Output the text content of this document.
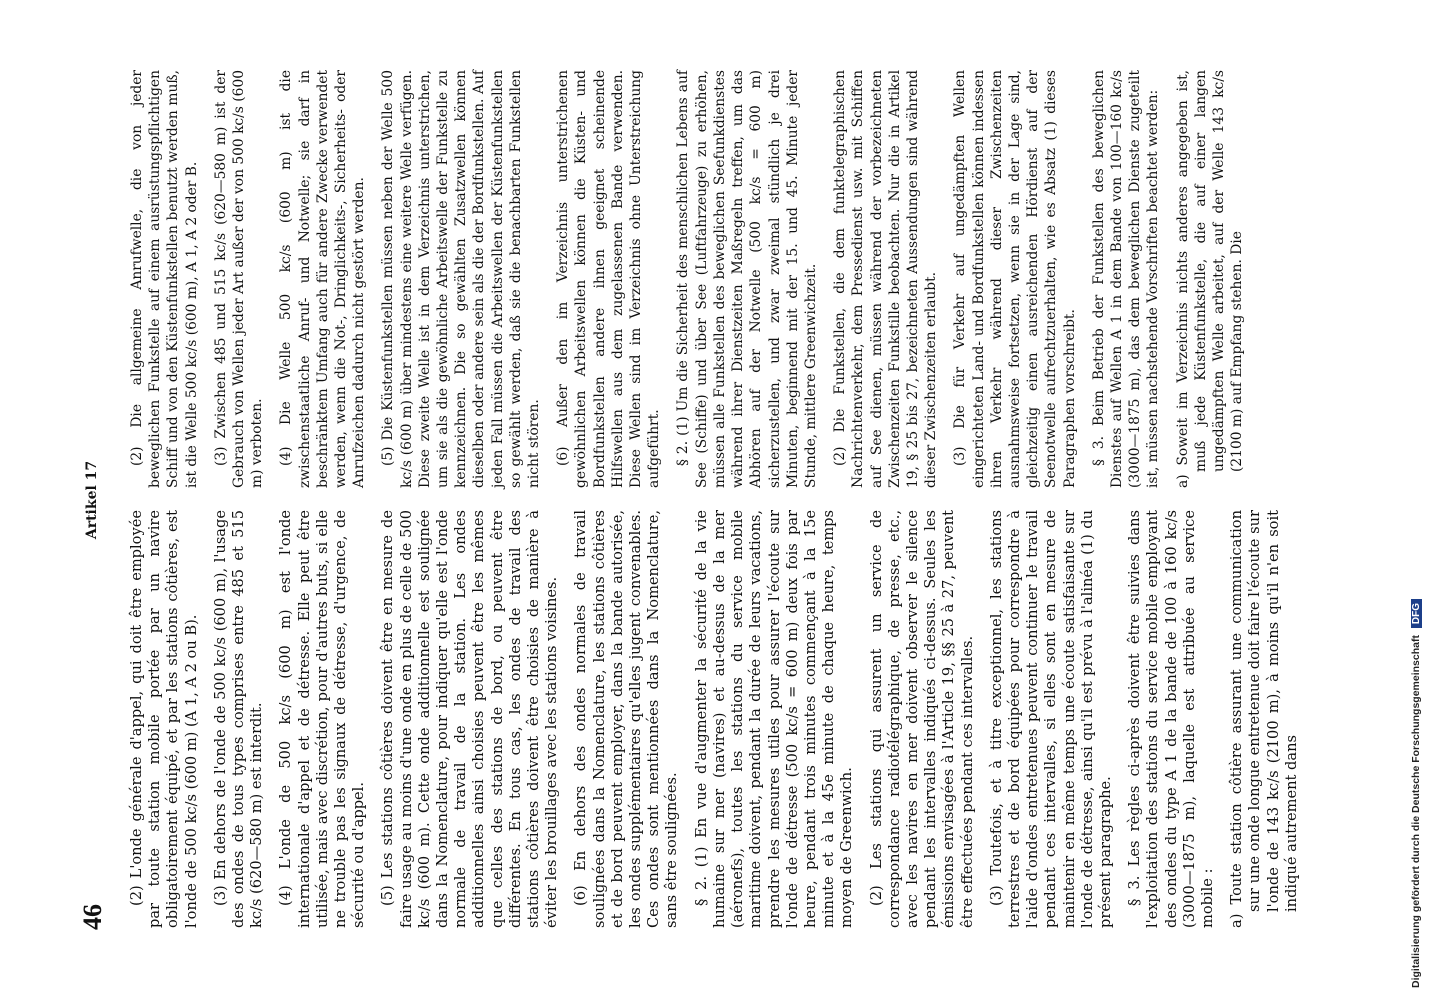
46
Artikel 17

(2) L'onde générale d'appel, qui doit être employée par toute station mobile portée par un navire obligatoirement équipé, et par les stations côtières, est l'onde de 500 kc/s (600 m) (A 1, A 2 ou B). (3) En dehors de l'onde de 500 kc/s (600 m), l'usage des ondes de tous types comprises entre 485 et 515 kc/s (620—580 m) est interdit. (4) L'onde de 500 kc/s (600 m) est l'onde internationale d'appel et de détresse. Elle peut être utilisée, mais avec discrétion, pour d'autres buts, si elle ne trouble pas les signaux de détresse, d'urgence, de sécurité ou d'appel. (5) Les stations côtières doivent être en mesure de faire usage au moins d'une onde en plus de celle de 500 kc/s (600 m). Cette onde additionnelle est soulignée dans la Nomenclature, pour indiquer qu'elle est l'onde normale de travail de la station. Les ondes additionnelles ainsi choisies peuvent être les mêmes que celles des stations de bord, ou peuvent être différentes. En tous cas, les ondes de travail des stations côtières doivent être choisies de manière à éviter les brouillages avec les stations voisines. (6) En dehors des ondes normales de travail soulignées dans la Nomenclature, les stations côtières et de bord peuvent employer, dans la bande autorisée, les ondes supplémentaires qu'elles jugent convenables. Ces ondes sont mentionnées dans la Nomenclature, sans être soulignées. § 2. (1) En vue d'augmenter la sécurité de la vie humaine sur mer (navires) et au-dessus de la mer (aéronefs), toutes les stations du service mobile maritime doivent, pendant la durée de leurs vacations, prendre les mesures utiles pour assurer l'écoute sur l'onde de détresse (500 kc/s = 600 m) deux fois par heure, pendant trois minutes commençant à la 15e minute et à la 45e minute de chaque heure, temps moyen de Greenwich. (2) Les stations qui assurent un service de correspondance radiotélégraphique, de presse, etc., avec les navires en mer doivent observer le silence pendant les intervalles indiqués ci-dessus. Seules les émissions envisagées à l'Article 19, §§ 25 à 27, peuvent être effectuées pendant ces intervalles. (3) Toutefois, et à titre exceptionnel, les stations terrestres et de bord équipées pour correspondre à l'aide d'ondes entretenues peuvent continuer le travail pendant ces intervalles, si elles sont en mesure de maintenir en même temps une écoute satisfaisante sur l'onde de détresse, ainsi qu'il est prévu à l'alinéa (1) du présent paragraphe. § 3. Les règles ci-après doivent être suivies dans l'exploitation des stations du service mobile employant des ondes du type A 1 de la bande de 100 à 160 kc/s (3000—1875 m), laquelle est attribuée au service mobile : a) Toute station côtière assurant une communication sur une onde longue entretenue doit faire l'écoute sur l'onde de 143 kc/s (2100 m), à moins qu'il n'en soit indiqué autrement dans

(2) Die allgemeine Anrufwelle, die von jeder beweglichen Funkstelle auf einem ausrüstungspflichtigen Schiff und von den Küstenfunkstellen benutzt werden muß, ist die Welle 500 kc/s (600 m), A 1, A 2 oder B. (3) Zwischen 485 und 515 kc/s (620—580 m) ist der Gebrauch von Wellen jeder Art außer der von 500 kc/s (600 m) verboten. (4) Die Welle 500 kc/s (600 m) ist die zwischenstaatliche Anruf- und Notwelle; sie darf in beschränktem Umfang auch für andere Zwecke verwendet werden, wenn die Not-, Dringlichkeits-, Sicherheits- oder Anrufzeichen dadurch nicht gestört werden. (5) Die Küstenfunkstellen müssen neben der Welle 500 kc/s (600 m) über mindestens eine weitere Welle verfügen. Diese zweite Welle ist in dem Verzeichnis unterstrichen, um sie als die gewöhnliche Arbeitswelle der Funkstelle zu kennzeichnen. Die so gewählten Zusatzwellen können dieselben oder andere sein als die der Bordfunkstellen. Auf jeden Fall müssen die Arbeitswellen der Küstenfunkstellen so gewählt werden, daß sie die benachbarten Funkstellen nicht stören. (6) Außer den im Verzeichnis unterstrichenen gewöhnlichen Arbeitswellen können die Küsten- und Bordfunkstellen andere ihnen geeignet scheinende Hilfswellen aus dem zugelassenen Bande verwenden. Diese Wellen sind im Verzeichnis ohne Unterstreichung aufgeführt. § 2. (1) Um die Sicherheit des menschlichen Lebens auf See (Schiffe) und über See (Luftfahrzeuge) zu erhöhen, müssen alle Funkstellen des beweglichen Seefunkdienstes während ihrer Dienstzeiten Maßregeln treffen, um das Abhören auf der Notwelle (500 kc/s = 600 m) sicherzustellen, und zwar zweimal stündlich je drei Minuten, beginnend mit der 15. und 45. Minute jeder Stunde, mittlere Greenwichzeit. (2) Die Funkstellen, die dem funktelegraphischen Nachrichtenverkehr, dem Pressedienst usw. mit Schiffen auf See dienen, müssen während der vorbezeichneten Zwischenzeiten Funkstille beobachten. Nur die in Artikel 19, § 25 bis 27, bezeichneten Aussendungen sind während dieser Zwischenzeiten erlaubt. (3) Die für Verkehr auf ungedämpften Wellen eingerichteten Land- und Bordfunkstellen können indessen ihren Verkehr während dieser Zwischenzeiten ausnahmsweise fortsetzen, wenn sie in der Lage sind, gleichzeitig einen ausreichenden Hördienst auf der Seenotwelle aufrechtzuerhalten, wie es Absatz (1) dieses Paragraphen vorschreibt. § 3. Beim Betrieb der Funkstellen des beweglichen Dienstes auf Wellen A 1 in dem Bande von 100—160 kc/s (3000—1875 m), das dem beweglichen Dienste zugeteilt ist, müssen nachstehende Vorschriften beachtet werden: a) Soweit im Verzeichnis nichts anderes angegeben ist, muß jede Küstenfunkstelle, die auf einer langen ungedämpften Welle arbeitet, auf der Welle 143 kc/s (2100 m) auf Empfang stehen. Die

Digitalisierung gefördert durch die Deutsche Forschungsgemeinschaft DFG
